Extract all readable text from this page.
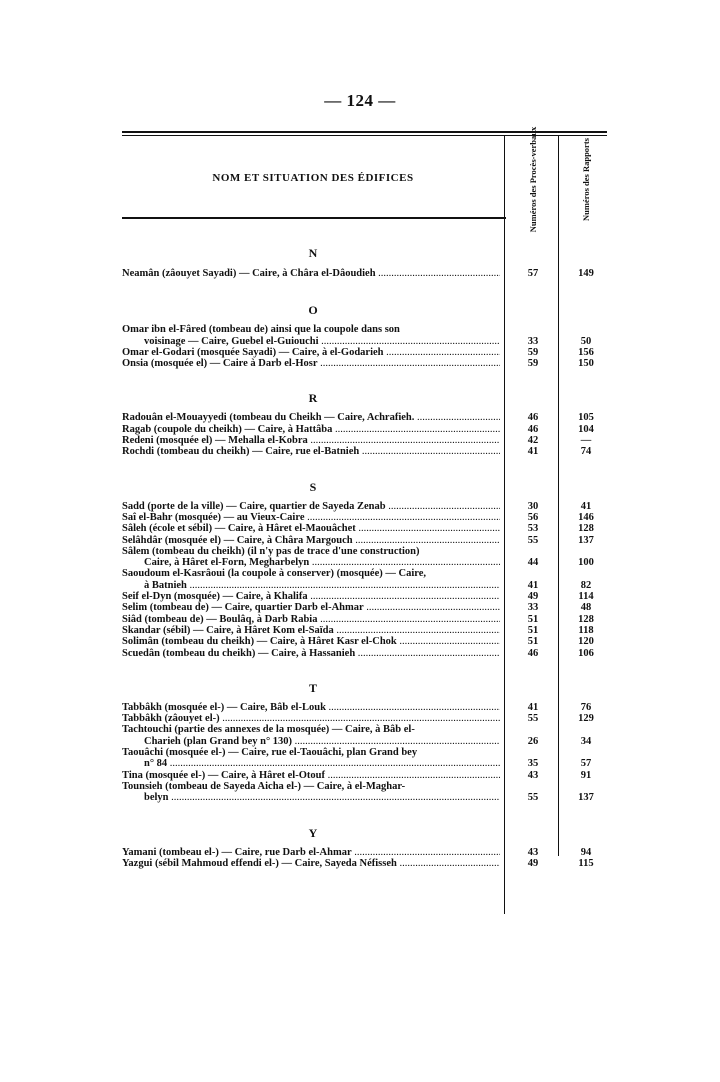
— 124 —
NOM ET SITUATION DES ÉDIFICES	Numéros des Procès-verbaux	Numéros des Rapports
N
Neamân (zâouyet Sayadi) — Caire, à Châra el-Dâoudieh .....	57	149
O
Omar ibn el-Fâred (tombeau de) ainsi que la coupole dans son
voisinage — Caire, Guebel el-Guiouchi .....	33	50
Omar el-Godari (mosquée Sayadi) — Caire, à el-Godarieh .....	59	156
Onsia (mosquée el) — Caire à Darb el-Hosr .....	59	150
R
Radouân el-Mouayyedi (tombeau du Cheikh — Caire, Achrafieh. .....	46	105
Ragab (coupole du cheikh) — Caire, à Hattâba .....	46	104
Redeni (mosquée el) — Mehalla el-Kobra .....	42	—
Rochdi (tombeau du cheikh) — Caire, rue el-Batnieh .....	41	74
S
Sadd (porte de la ville) — Caire, quartier de Sayeda Zenab .....	30	41
Saî el-Bahr (mosquée) — au Vieux-Caire .....	56	146
Sâleh (école et sébil) — Caire, à Hâret el-Maouâchet .....	53	128
Selâhdâr (mosquée el) — Caire, à Châra Margouch .....	55	137
Sâlem (tombeau du cheikh) (il n'y pas de trace d'une construction)
Caire, à Hâret el-Forn, Megharbelyn .....	44	100
Saoudoum el-Kasrâoui (la coupole à conserver) (mosquée) — Caire,
à Batnieh .....	41	82
Seif el-Dyn (mosquée) — Caire, à Khalifa .....	49	114
Selim (tombeau de) — Caire, quartier Darb el-Ahmar .....	33	48
Siâd (tombeau de) — Boulâq, à Darb Rabia .....	51	128
Skandar (sébil) — Caire, à Hâret Kom el-Saïda .....	51	118
Solimân (tombeau du cheikh) — Caire, à Hâret Kasr el-Chok .....	51	120
Scuedân (tombeau du cheikh) — Caire, à Hassanieh .....	46	106
T
Tabbâkh (mosquée el-) — Caire, Bâb el-Louk .....	41	76
Tabbâkh (zâouyet el-) .....	55	129
Tachtouchi (partie des annexes de la mosquée) — Caire, à Bâb el-
Charieh (plan Grand bey n° 130) .....	26	34
Taouâchi (mosquée el-) — Caire, rue el-Taouâchi, plan Grand bey
n° 84 .....	35	57
Tina (mosquée el-) — Caire, à Hâret el-Otouf .....	43	91
Tounsieh (tombeau de Sayeda Aicha el-) — Caire, à el-Maghar-
belyn .....	55	137
Y
Yamani (tombeau el-) — Caire, rue Darb el-Ahmar .....	43	94
Yazgui (sébil Mahmoud effendi el-) — Caire, Sayeda Néfisseh .....	49	115
